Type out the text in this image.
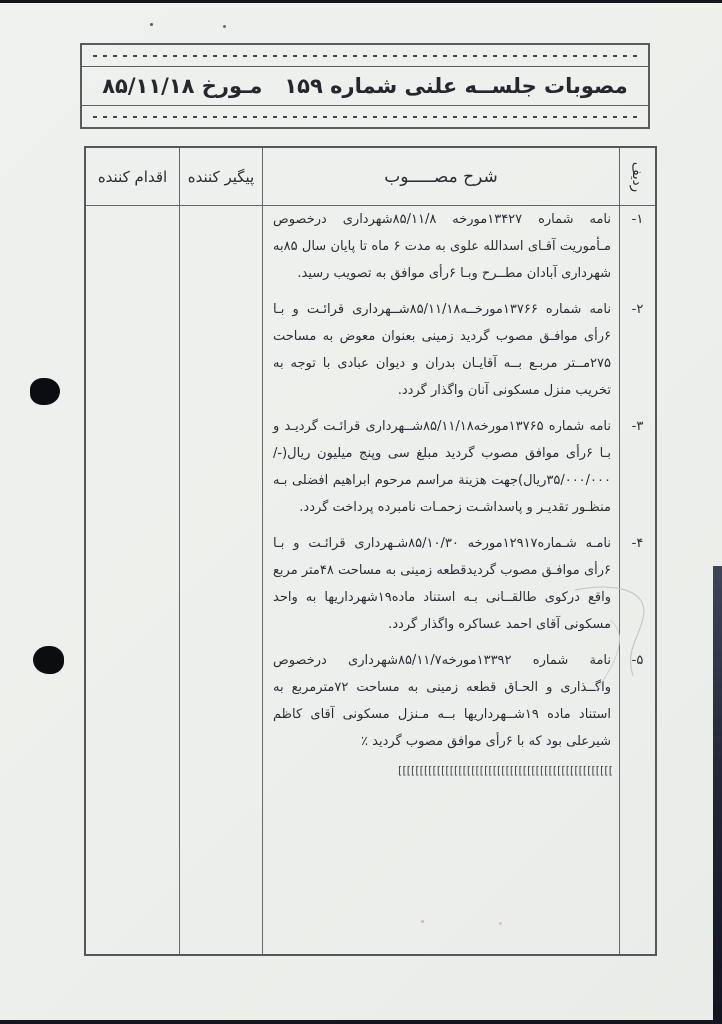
مصوبات جلســه علنی شماره ۱۵۹   مـورخ ۸۵/۱۱/۱۸
اقدام کننده پیگیر کننده	شرح مصـــــوب	ردیف

نامه شماره ۱۳۴۲۷مورخه ۸۵/۱۱/۸شهرداری درخصوص مـأموریت آقـای اسدالله علوی به مدت ۶ ماه تا پایان سال ۸۵به شهرداری آبادان مطــرح وبـا ۶رأی موافق به تصویب رسید.

۱-

نامه شماره ۱۳۷۶۶مورخــه۸۵/۱۱/۱۸شــهرداری قرائـت و بـا ۶رأی موافـق مصوب گردید زمینی بعنوان معوض به مساحت ۲۷۵مــتر مربـع بــه آقایـان بدران و دیوان عبادی با توجه به تخریب منزل مسکونی آنان واگذار گردد.

۲-

نامه شماره ۱۳۷۶۵مورخه۸۵/۱۱/۱۸شــهرداری قرائـت گردیـد و بـا ۶رأی موافق مصوب گردید مبلغ سی وپنج میلیون ریال(-/۳۵/۰۰۰/۰۰۰ریال)جهت هزینة مراسم مرحوم ابراهیم افضلی بـه منظـور تقدیـر و پاسداشـت زحمـات نامبرده پرداخت گردد.

۳-

نامـه شـماره۱۲۹۱۷مورخه ۸۵/۱۰/۳۰شـهرداری قرائـت و بـا ۶رأی موافـق مصوب گردیدقطعه زمینی به مساحت ۴۸متر مربع واقع درکوی طالقــانی بـه استناد ماده۱۹شهرداریها به واحد مسکونی آقای احمد عساکره واگذار گردد.

۴-

نامة شماره ۱۳۳۹۲مورخه۸۵/۱۱/۷شهرداری درخصوص واگــذاری و الحـاق قطعه زمینی به مساحت ۷۲مترمربع به استناد ماده ۱۹شــهرداریها بــه مـنزل مسکونی آقای کاظم شیرعلی بود که با ۶رأی موافق مصوب گردید ٪

[[[[[[[[[[[[[[[[[[[[[[[[[[[[[[[[[[[[[[[[[[[[[[[[[[
۵-
